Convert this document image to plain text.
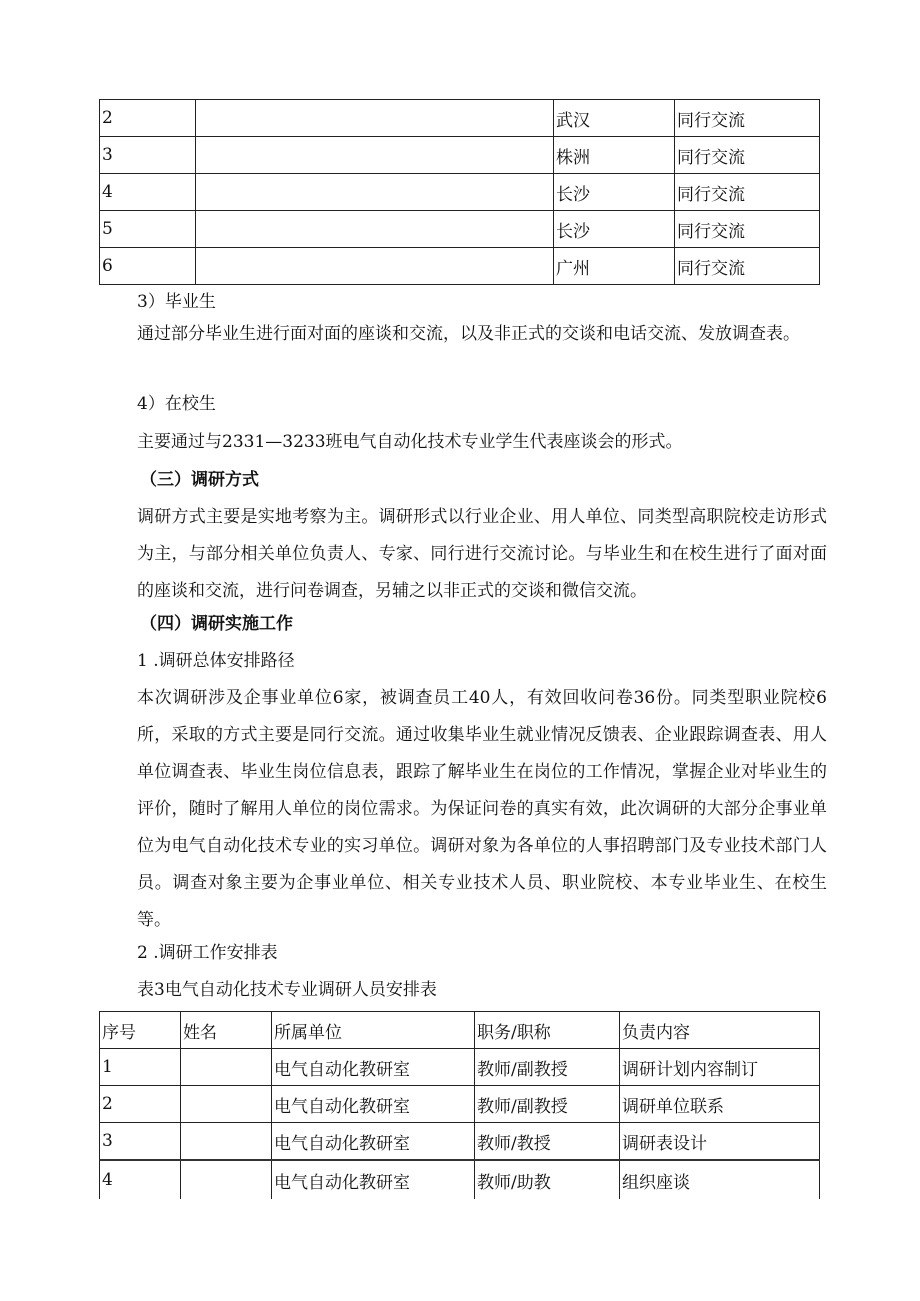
2		武汉	同行交流
3		株洲	同行交流
4		长沙	同行交流
5		长沙	同行交流
6		广州	同行交流
3）毕业生
通过部分毕业生进行面对面的座谈和交流，以及非正式的交谈和电话交流、发放调查表。
4）在校生
主要通过与2331—3233班电气自动化技术专业学生代表座谈会的形式。
（三）调研方式
调研方式主要是实地考察为主。调研形式以行业企业、用人单位、同类型高职院校走访形式为主，与部分相关单位负责人、专家、同行进行交流讨论。与毕业生和在校生进行了面对面的座谈和交流，进行问卷调查，另辅之以非正式的交谈和微信交流。
（四）调研实施工作
1 .调研总体安排路径
本次调研涉及企事业单位6家，被调查员工40人，有效回收问卷36份。同类型职业院校6所，采取的方式主要是同行交流。通过收集毕业生就业情况反馈表、企业跟踪调查表、用人单位调查表、毕业生岗位信息表，跟踪了解毕业生在岗位的工作情况，掌握企业对毕业生的评价，随时了解用人单位的岗位需求。为保证问卷的真实有效，此次调研的大部分企事业单位为电气自动化技术专业的实习单位。调研对象为各单位的人事招聘部门及专业技术部门人员。调查对象主要为企事业单位、相关专业技术人员、职业院校、本专业毕业生、在校生等。
2 .调研工作安排表
表3电气自动化技术专业调研人员安排表
序号	姓名	所属单位	职务/职称	负责内容
1		电气自动化教研室	教师/副教授	调研计划内容制订
2		电气自动化教研室	教师/副教授	调研单位联系
3		电气自动化教研室	教师/教授	调研表设计
4		电气自动化教研室	教师/助教	组织座谈
